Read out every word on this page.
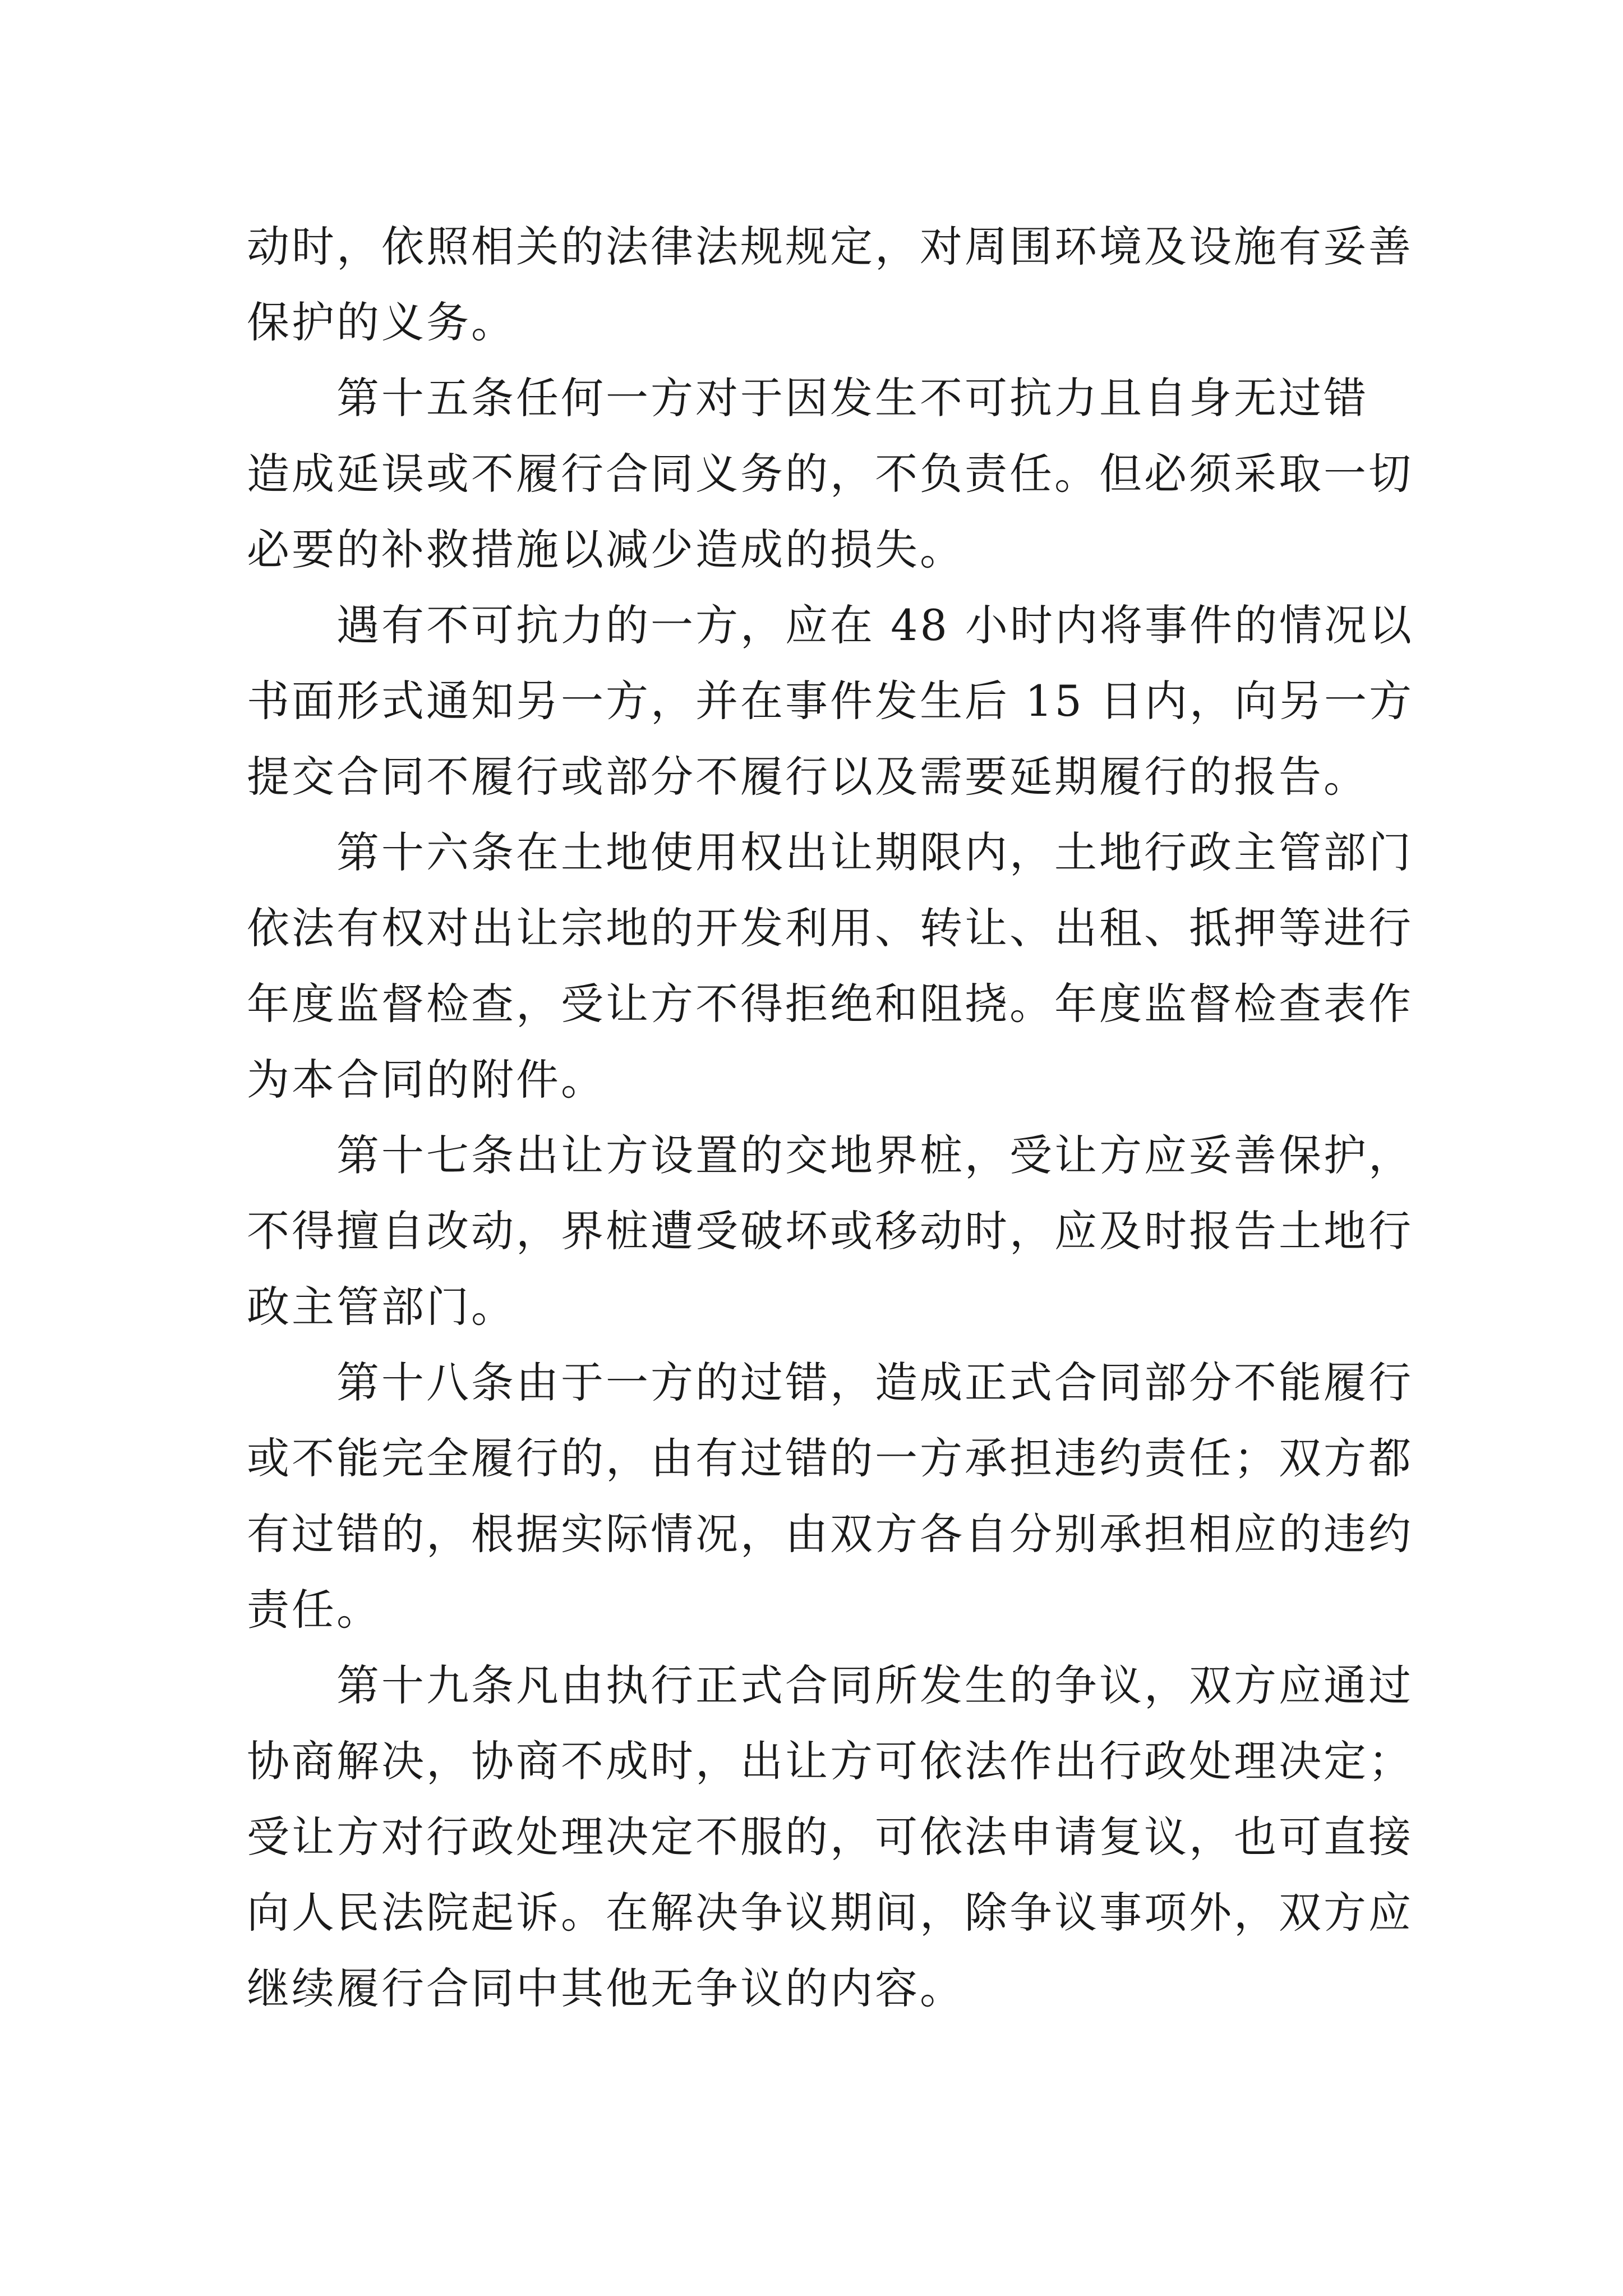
动时，依照相关的法律法规规定，对周围环境及设施有妥善
保护的义务。
第十五条任何一方对于因发生不可抗力且自身无过错
造成延误或不履行合同义务的，不负责任。但必须采取一切
必要的补救措施以减少造成的损失。
遇有不可抗力的一方，应在 48 小时内将事件的情况以
书面形式通知另一方，并在事件发生后 15 日内，向另一方
提交合同不履行或部分不履行以及需要延期履行的报告。
第十六条在土地使用权出让期限内，土地行政主管部门
依法有权对出让宗地的开发利用、转让、出租、抵押等进行
年度监督检查，受让方不得拒绝和阻挠。年度监督检查表作
为本合同的附件。
第十七条出让方设置的交地界桩，受让方应妥善保护，
不得擅自改动，界桩遭受破坏或移动时，应及时报告土地行
政主管部门。
第十八条由于一方的过错，造成正式合同部分不能履行
或不能完全履行的，由有过错的一方承担违约责任；双方都
有过错的，根据实际情况，由双方各自分别承担相应的违约
责任。
第十九条凡由执行正式合同所发生的争议，双方应通过
协商解决，协商不成时，出让方可依法作出行政处理决定；
受让方对行政处理决定不服的，可依法申请复议，也可直接
向人民法院起诉。在解决争议期间，除争议事项外，双方应
继续履行合同中其他无争议的内容。
